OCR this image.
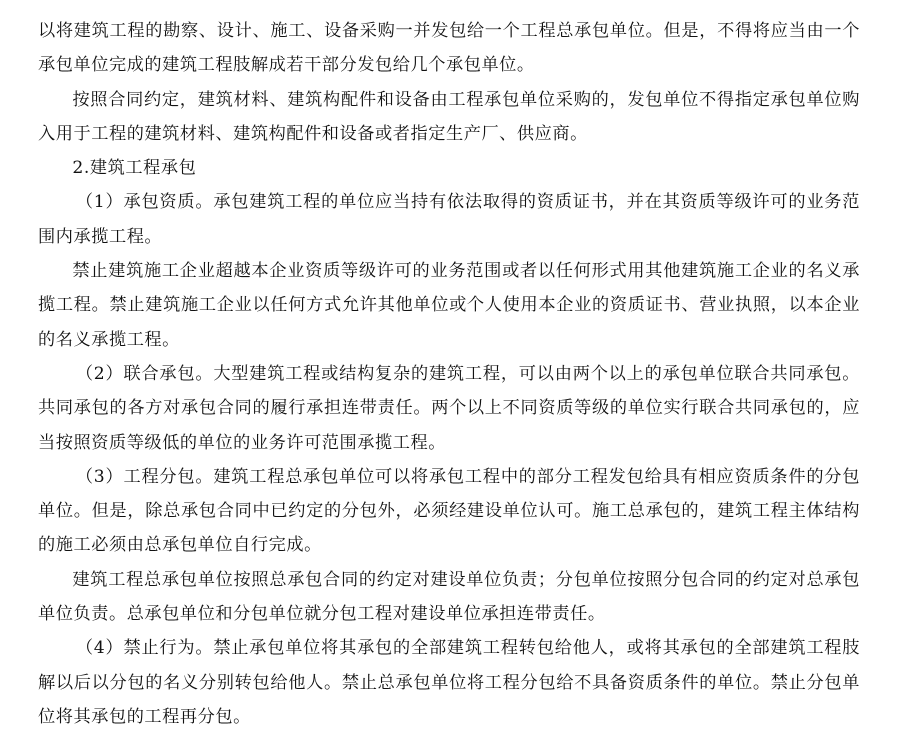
以将建筑工程的勘察、设计、施工、设备采购一并发包给一个工程总承包单位。但是，不得将应当由一个承包单位完成的建筑工程肢解成若干部分发包给几个承包单位。

按照合同约定，建筑材料、建筑构配件和设备由工程承包单位采购的，发包单位不得指定承包单位购入用于工程的建筑材料、建筑构配件和设备或者指定生产厂、供应商。

2.建筑工程承包

（1）承包资质。承包建筑工程的单位应当持有依法取得的资质证书，并在其资质等级许可的业务范围内承揽工程。

禁止建筑施工企业超越本企业资质等级许可的业务范围或者以任何形式用其他建筑施工企业的名义承揽工程。禁止建筑施工企业以任何方式允许其他单位或个人使用本企业的资质证书、营业执照，以本企业的名义承揽工程。

（2）联合承包。大型建筑工程或结构复杂的建筑工程，可以由两个以上的承包单位联合共同承包。共同承包的各方对承包合同的履行承担连带责任。两个以上不同资质等级的单位实行联合共同承包的，应当按照资质等级低的单位的业务许可范围承揽工程。

（3）工程分包。建筑工程总承包单位可以将承包工程中的部分工程发包给具有相应资质条件的分包单位。但是，除总承包合同中已约定的分包外，必须经建设单位认可。施工总承包的，建筑工程主体结构的施工必须由总承包单位自行完成。

建筑工程总承包单位按照总承包合同的约定对建设单位负责；分包单位按照分包合同的约定对总承包单位负责。总承包单位和分包单位就分包工程对建设单位承担连带责任。

（4）禁止行为。禁止承包单位将其承包的全部建筑工程转包给他人，或将其承包的全部建筑工程肢解以后以分包的名义分别转包给他人。禁止总承包单位将工程分包给不具备资质条件的单位。禁止分包单位将其承包的工程再分包。
